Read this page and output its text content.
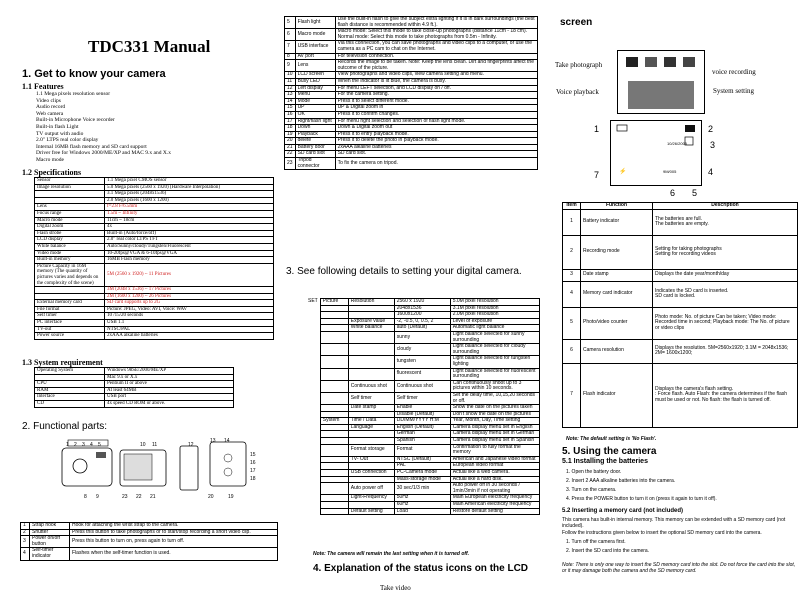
TDC331 Manual
1. Get to know your camera
1.1 Features
1.1 Mega pixels resolution sensor
Video clips
Audio record
Web camera
Built-in Microphone Voice recorder
Built-in flash Light
TV output with audio
2.0" LTPS real color display
Internal 16MB flash memory and SD card support
Driver free for Windows 2000/ME/XP and MAC 9.x and X.x
Macro mode
1.2 Specifications
Sensor	1.1 Mega pixel CMOS sensor
Image resolution	5.0 Mega pixels (2560 x 1920) (Hardware Interpolation)
	3.1 Mega pixels (2048x1536)
	2.0 Mega pixels (1600 x 1200)
Lens	f=2.8 F/6.5mm
Focus range	1.5m ~ Infinity
Macro mode	11cm ~ 18cm
Digital zoom	4x
Flash strobe	Built-in (Auto/force/off)
LCD display	2.0" real color LTPS TFT
White balance	Auto/Sunny/cloudy/Tungsten/Fluorescent
Video mode	10-20fps@VGA & 6-10fps@VGA
Built-in memory	16MB Flash memory
Picture Capacity in 16M memory (The quantity of pictures varies and depends on the complexity of the scene)	5M (2560 x 1920) ~ 11 Pictures
	3M (2048 x 1536) ~ 17 Pictures
	2M (1600 x 1200) ~ 26 Pictures
External memory card	SD card supports up to 2G
File format	Picture: JPEG, Video: AVI, Voice: WAV
Self timer	10 /15/20 seconds
PC interface	USB 1.1
TV-out	NTSC/PAL
Power source	2xAAA alkaline batteries
1.3 System requirement
Operating System	Windows 98SE/2000/ME/XP
	Mac 9.x or X.x
CPU	Pentium II or above
RAM	At least 64MB
Interface	USB port
CD	4x speed CD ROM or above.
2. Functional parts:
1 2 3 4 5	10 11	12
13 14
15
16
17
18
8 9	23 22 21	20	19
1	Strap hook	Hook for attaching the wrist strap to the camera.
2	Shutter	Press this button to take photographs or to start/stop recording a short video clip.
3	Power on/off button	Press this button to turn on, press again to turn off.
4	Self-timer indicator	Flashes when the self-timer function is used.
5	Flash light	Use the built-in flash to give the subject extra lighting if it is in dark surroundings (the best flash distance is recommended within 4.9 ft.).
6	Macro mode	Macro mode: Select this mode to take close-up photographs (distance 11cm - 18 cm). Normal mode: Select this mode to take photographs from 0.5m - Infinity.
7	USB interface	Via this connection, you can save photographs and video clips to a computer, or use the camera as a PC cam to chat on the Internet.
8	AV port	For television connection.
9	Lens	Records the image to be taken. Note: Keep the lens clean. Dirt and fingerprints affect the outcome of the picture.
10	LCD screen	View photographs and video clips, view camera setting and menu.
11	Busy LED	When the indicator is lit blue, the camera is busy.
12	Left display	For menu LEFT selection, and LCD display on / off.
13	Menu	For the camera setting.
14	Mode	Press it to select different mode.
15	UP	UP & Digital zoom in
16	OK	Press it to confirm changes.
17	Right/flash light	For menu right selection and selection of flash light mode.
18	Down	Down & Digital zoom out
19	Playback	Press it to entry playback mode.
20	delete	Press it to delete the photo in playback mode.
21	Battery door	2xAAA alkaline batteries
22	SD card slot	SD card slot.
23	Tripod connector	To fix the camera on tripod.
3. See following details to setting your digital camera.
SET	Picture	Resolution	2560 x 1920	5.0M pixel resolution
			2048x1536	3.1M pixel resolution
			1600x1200	2.0M pixel resolution
		Exposure value	-2, -0.5, 0, 0.5, 2	Level of exposure
		White balance	auto (Default)	Automatic light balance
			sunny	Light balance selected for sunny surrounding
			cloudy	Light balance selected for cloudy surrounding
			tungsten	Light balance selected for tungsten lighting
			fluorescent	Light balance selected for fluorescent surrounding
		Continuous shot	Continuous shot	Can continuously shoot up to 3 pictures within 10 seconds.
		Self timer	Self timer	Set the delay time, 10,15,20 seconds or off.
		Date stamp	Enable	Show the date on the pictures taken
			Disable (Default)	Don't show the date on the pictures
	System	Time / Data	DD/MM/YYYY H:M	Year, Month, Day, Time setting
		Language	English (Default)	Camera display menu set in English
			German	Camera display menu set in German
			Spanish	Camera display menu set in Spanish
		Format storage	Format	Confirmation to fully format the memory
		TV- Out	NTSC (Default)	American and Japanese video format
			PAL	European video format
		USB connection	PC-Camera mode	Actual like a web camera.
			Mass-storage mode	Actual like a hard disk.
		Auto power off	30 sec/1/3 min	Auto power off in 30 seconds / 1min/3min if not operating
		Light-Frequency	50Hz	Main European electricity frequency
			60Hz	Main American electricity frequency
		Default setting	Load	Restore default setting
Note: The camera will remain the last setting when it is turned off.
4. Explanation of the status icons on the LCD
screen
Take photograph
voice recording
Voice playback	System setting
⚡
10/26/2005
9M/005
1	2
3
4
5
6
7
Item	Function	Description
1	Battery indicator	The batteries are full.
The batteries are empty.

2	Recording mode	Setting for taking photographs
Setting for recording videos

3	Date stamp	Displays the date year/month/day

4	Memory card indicator	Indicates the SD card is inserted.
SD card is locked.

5	Photo/video counter	Photo mode: No. of picture Can be taken; Video mode: Recorded time in second; Playback mode: The No. of picture or video clips

6	Camera resolution	Displays the resolution. 5M=2560x1920; 3.1M = 2048x1536; 2M= 1600x1200;

7	Flash indicator	Displays the camera's flash setting.
: Force flash. Auto Flash: the camera determines if the flash must be used or not. No flash: the flash is turned off.
Note: The default setting is 'No Flash'.
5. Using the camera
5.1 Installing the batteries
1. Open the battery door.
2. Insert 2 AAA alkaline batteries into the camera.
3. Turn on the camera.
4. Press the POWER button to turn it on (press it again to turn it off).
5.2 Inserting a memory card (not included)
This camera has built-in internal memory. This memory can be extended with a SD memory card (not included).
Follow the instructions given below to insert the optional SD memory card into the camera.
1. Turn off the camera first.
2. Insert the SD card into the camera.
Note: There is only one way to insert the SD memory card into the slot. Do not force the card into the slot, or it may damage both the camera and the SD memory card.
Take video
